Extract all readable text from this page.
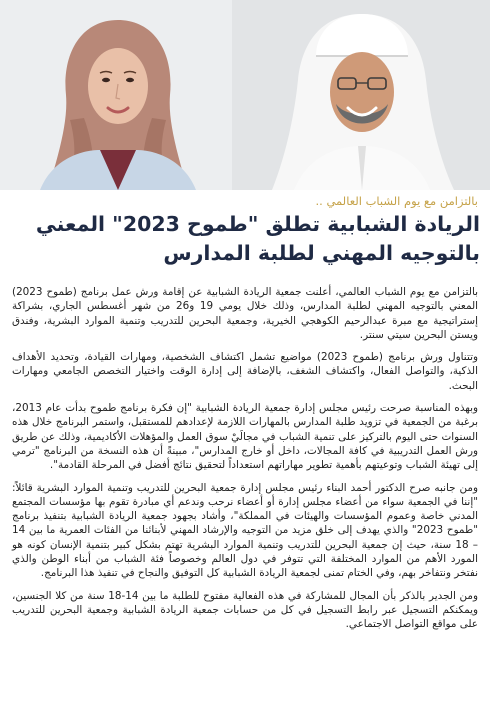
بالتزامن مع يوم الشباب العالمي ..
الريادة الشبابية تطلق "طموح 2023" المعني بالتوجيه المهني لطلبة المدارس

بالتزامن مع يوم الشباب العالمي، أعلنت جمعية الريادة الشبابية عن إقامة ورش عمل برنامج (طموح 2023) المعني بالتوجيه المهني لطلبة المدارس، وذلك خلال يومي 19 و26 من شهر أغسطس الجاري، بشراكة إستراتيجية مع مبرة عبدالرحيم الكوهجي الخيرية، وجمعية البحرين للتدريب وتنمية الموارد البشرية، وفندق ويستن البحرين سيتي سنتر.

وتتناول ورش برنامج (طموح 2023) مواضيع تشمل اكتشاف الشخصية، ومهارات القيادة، وتحديد الأهداف الذكية، والتواصل الفعال، واكتشاف الشغف، بالإضافة إلى إدارة الوقت واختيار التخصص الجامعي ومهارات البحث.

وبهذه المناسبة صرحت رئيس مجلس إدارة جمعية الريادة الشبابية "إن فكرة برنامج طموح بدأت عام 2013، برغبة من الجمعية في تزويد طلبة المدارس بالمهارات اللازمة لإعدادهم للمستقبل، واستمر البرنامج خلال هذه السنوات حتى اليوم بالتركيز على تنمية الشباب في مجالَيْ سوق العمل والمؤهلات الأكاديمية، وذلك عن طريق ورش العمل التدريبية في كافة المجالات، داخل أو خارج المدارس"، مبينةً أن هذه النسخة من البرنامج "ترمي إلى تهيئة الشباب وتوعيتهم بأهمية تطوير مهاراتهم استعداداً لتحقيق نتائج أفضل في المرحلة القادمة".

ومن جانبه صرح الدكتور أحمد البناء رئيس مجلس إدارة جمعية البحرين للتدريب وتنمية الموارد البشرية قائلاً: "إننا في الجمعية سواء من أعضاء مجلس إدارة أو أعضاء نرحب وندعم أي مبادرة تقوم بها مؤسسات المجتمع المدني خاصة وعموم المؤسسات والهيئات في المملكة"، وأشاد بجهود جمعية الريادة الشبابية بتنفيذ برنامج "طموح 2023" والذي يهدف إلى خلق مزيد من التوجيه والإرشاد المهني لأبنائنا من الفئات العمرية ما بين 14 – 18 سنة، حيث إن جمعية البحرين للتدريب وتنمية الموارد البشرية تهتم بشكل كبير بتنمية الإنسان كونه هو المورد الأهم من الموارد المختلفة التي تتوفر في دول العالم وخصوصاً فئة الشباب من أبناء الوطن والذي نفتخر ونتفاخر بهم، وفي الختام تمنى لجمعية الريادة الشبابية كل التوفيق والنجاح في تنفيذ هذا البرنامج.

ومن الجدير بالذكر بأن المجال للمشاركة في هذه الفعالية مفتوح للطلبة ما بين 14-18 سنة من كلا الجنسين، ويمكنكم التسجيل عبر رابط التسجيل في كل من حسابات جمعية الريادة الشبابية وجمعية البحرين للتدريب على مواقع التواصل الاجتماعي.
